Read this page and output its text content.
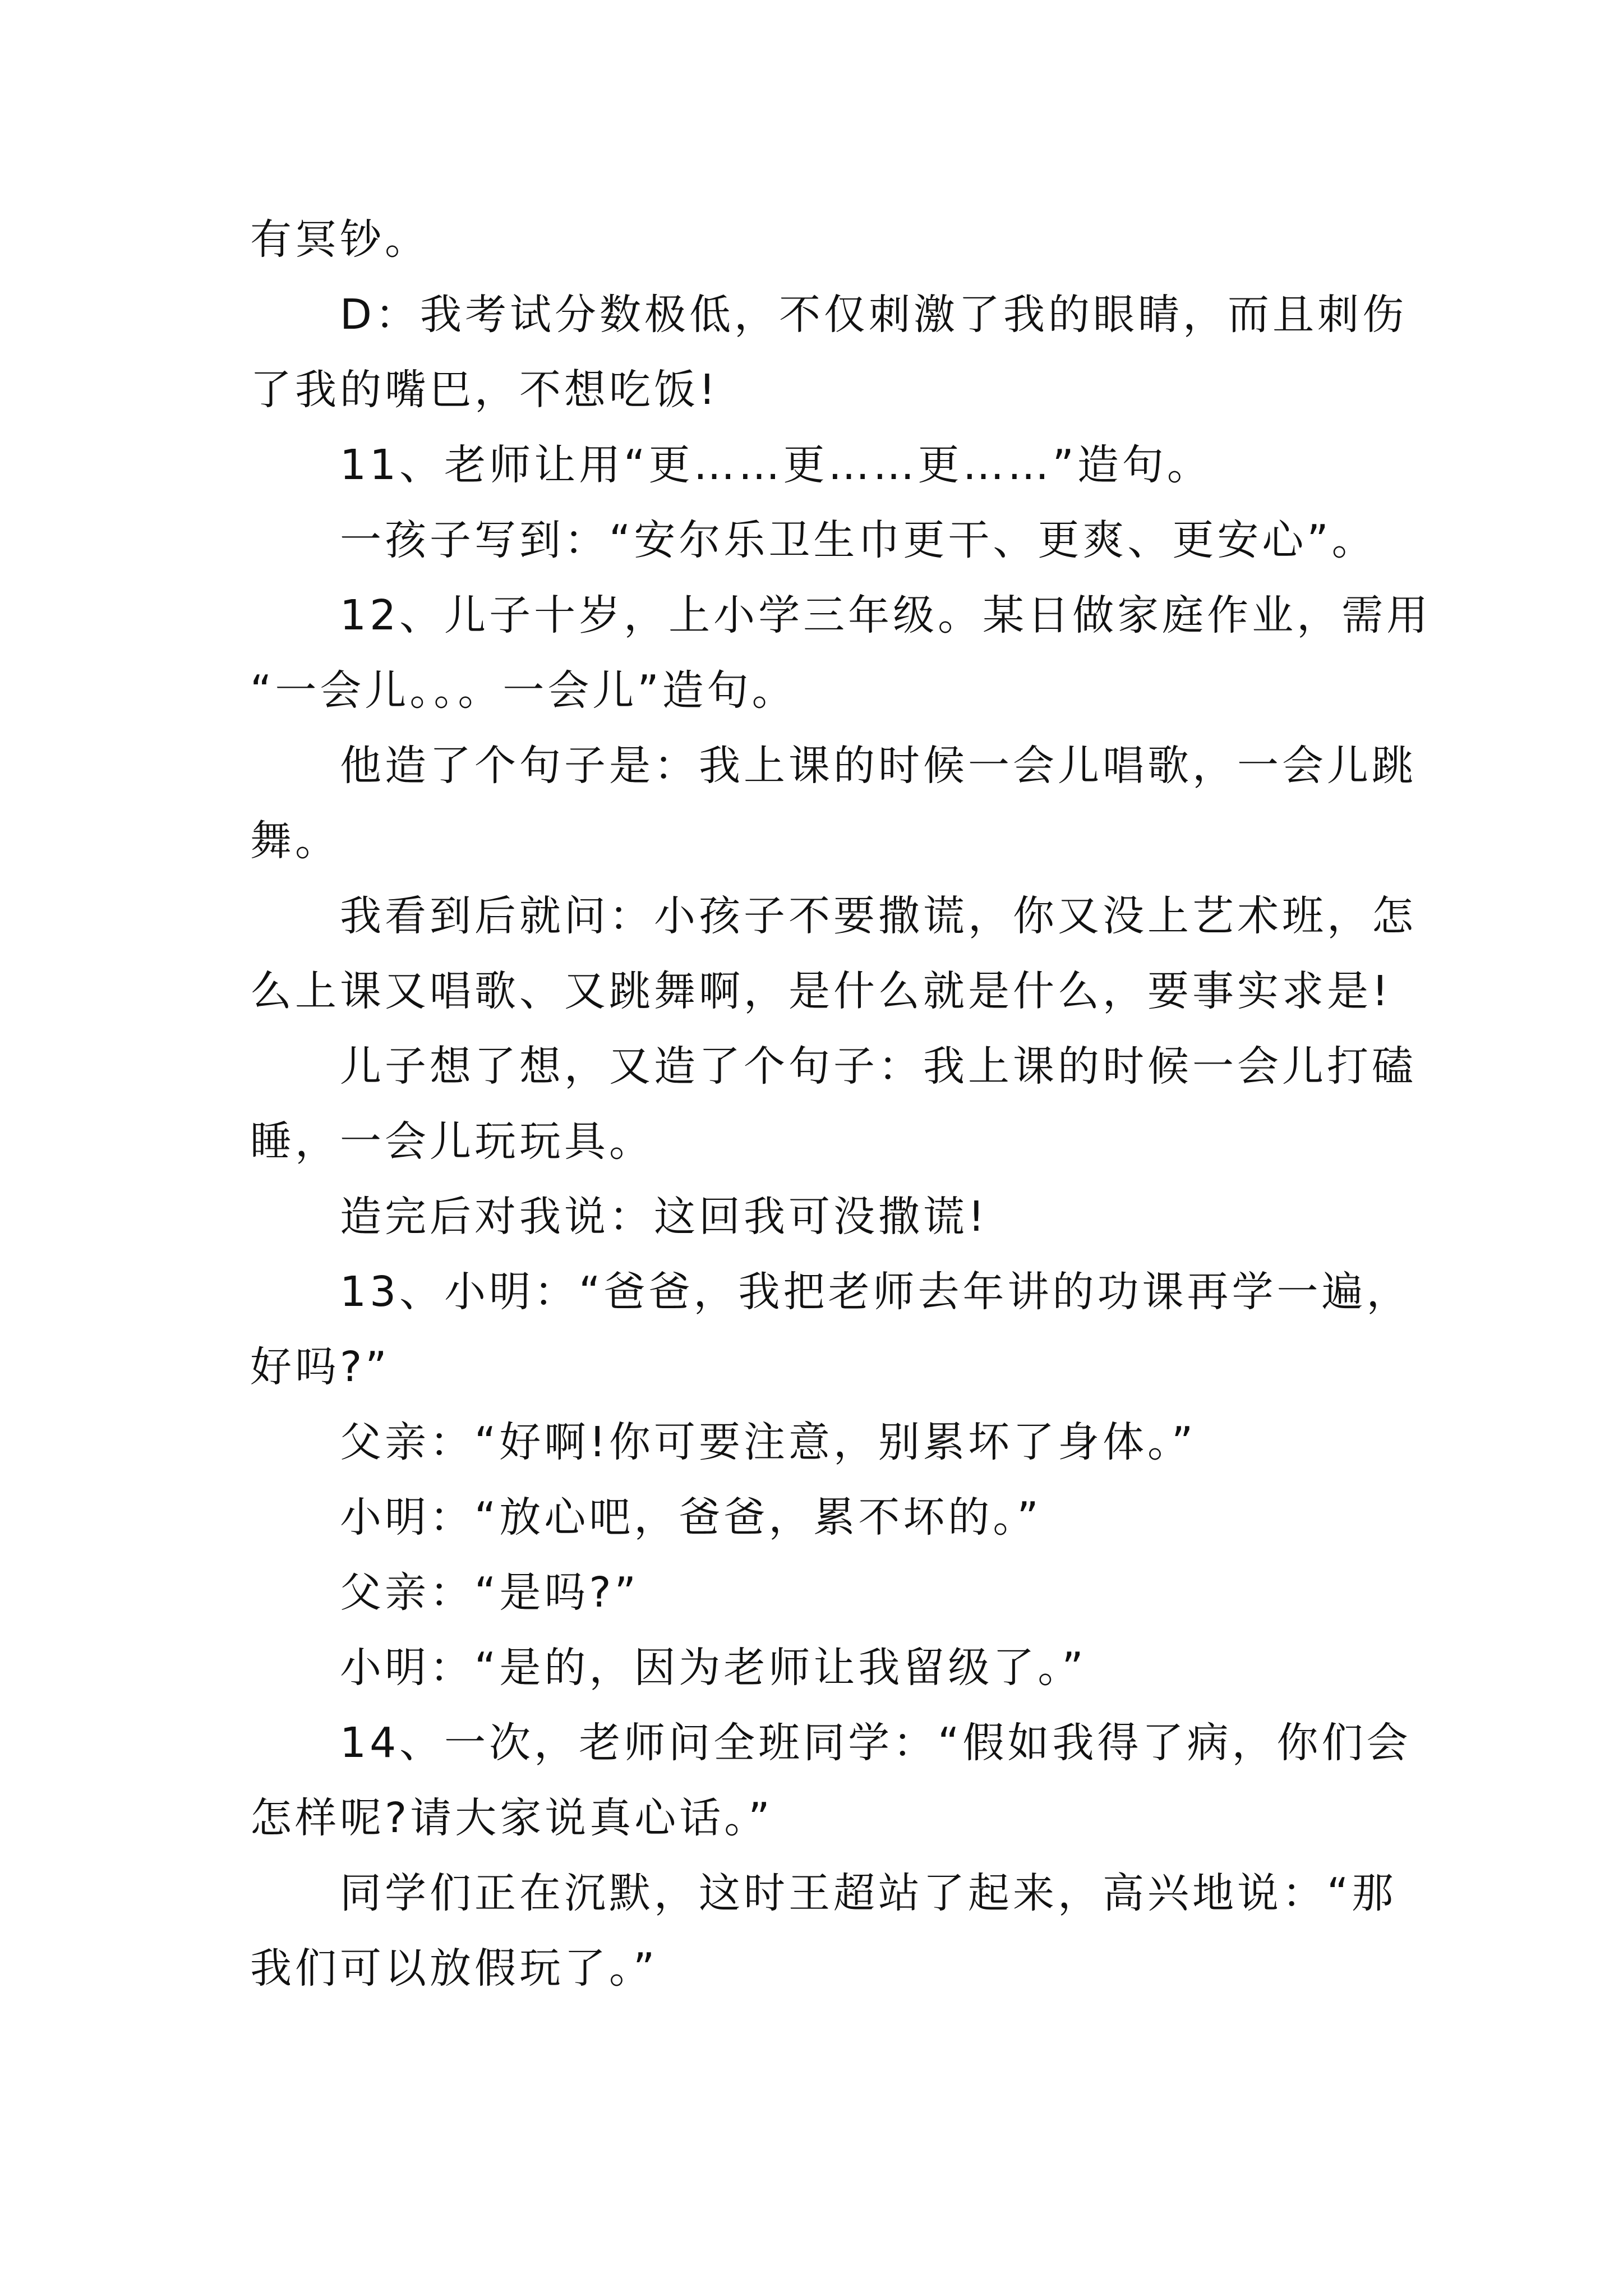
有冥钞。

D：我考试分数极低，不仅刺激了我的眼睛，而且刺伤
了我的嘴巴，不想吃饭!

11、老师让用“更……更……更……”造句。

一孩子写到：“安尔乐卫生巾更干、更爽、更安心”。

12、儿子十岁，上小学三年级。某日做家庭作业，需用
“一会儿。。。一会儿”造句。

他造了个句子是：我上课的时候一会儿唱歌，一会儿跳
舞。

我看到后就问：小孩子不要撒谎，你又没上艺术班，怎
么上课又唱歌、又跳舞啊，是什么就是什么，要事实求是!

儿子想了想，又造了个句子：我上课的时候一会儿打磕
睡，一会儿玩玩具。

造完后对我说：这回我可没撒谎!

13、小明：“爸爸，我把老师去年讲的功课再学一遍，
好吗?”

父亲：“好啊!你可要注意，别累坏了身体。”

小明：“放心吧，爸爸，累不坏的。”

父亲：“是吗?”

小明：“是的，因为老师让我留级了。”

14、一次，老师问全班同学：“假如我得了病，你们会
怎样呢?请大家说真心话。”

同学们正在沉默，这时王超站了起来，高兴地说：“那
我们可以放假玩了。”
